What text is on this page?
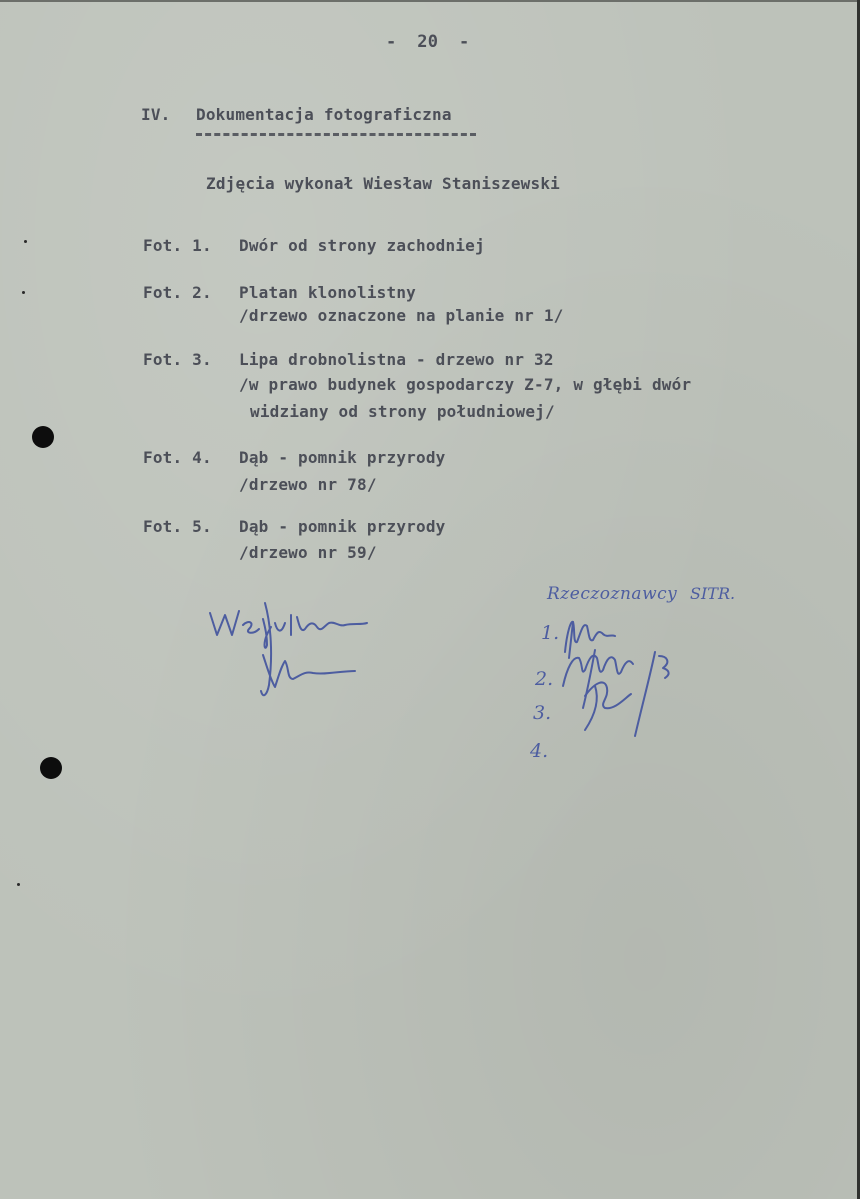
-  20  -
IV. Dokumentacja fotograficzna
Zdjęcia wykonał Wiesław Staniszewski
Fot. 1. Dwór od strony zachodniej
Fot. 2. Platan klonolistny
/drzewo oznaczone na planie nr 1/
Fot. 3. Lipa drobnolistna - drzewo nr 32
/w prawo budynek gospodarczy Z-7, w głębi dwór
widziany od strony południowej/
Fot. 4. Dąb - pomnik przyrody
/drzewo nr 78/
Fot. 5. Dąb - pomnik przyrody
/drzewo nr 59/
Rzeczoznawcy SITR.
1.
2.
3.
4.
